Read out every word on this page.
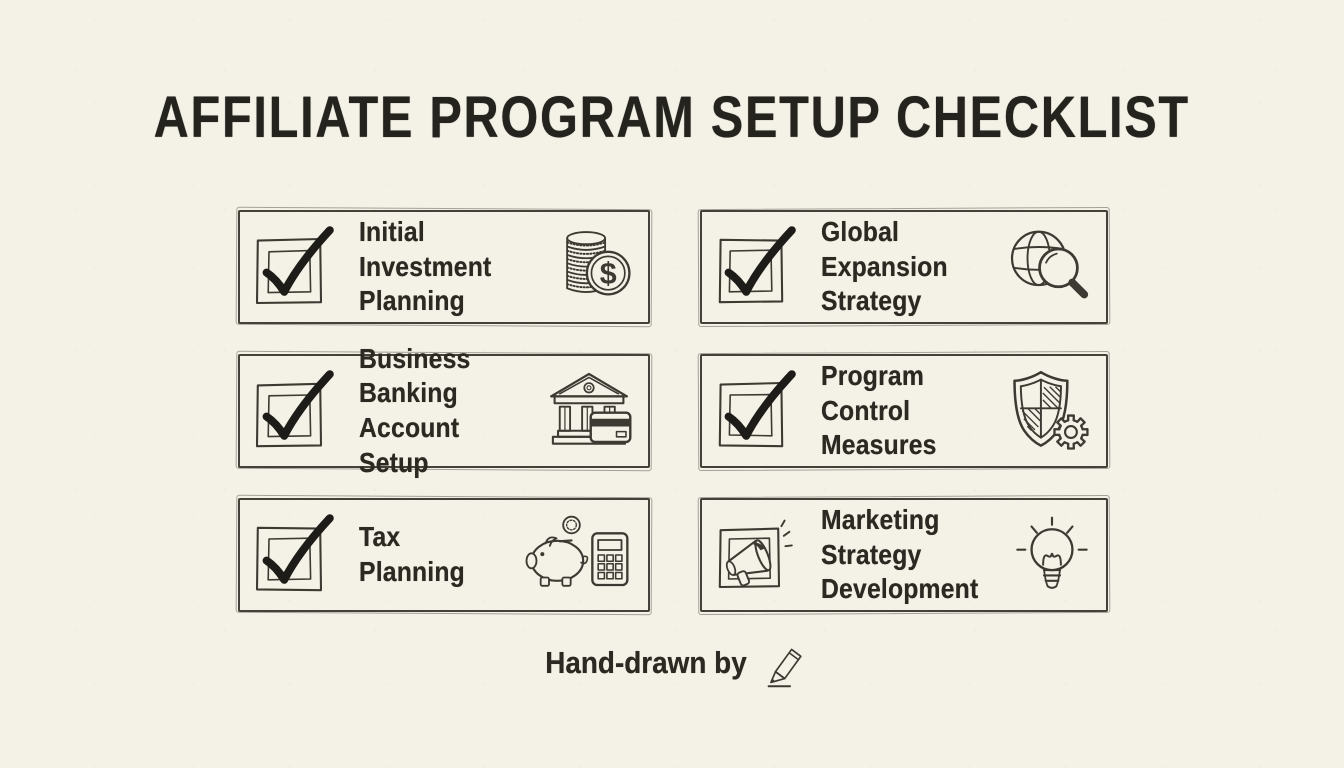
AFFILIATE PROGRAM SETUP CHECKLIST
Initial Investment
Planning
$
Global Expansion
Strategy
Business Banking
Account Setup
Program Control
Measures
Tax Planning
Marketing Strategy
Development
Hand-drawn by
